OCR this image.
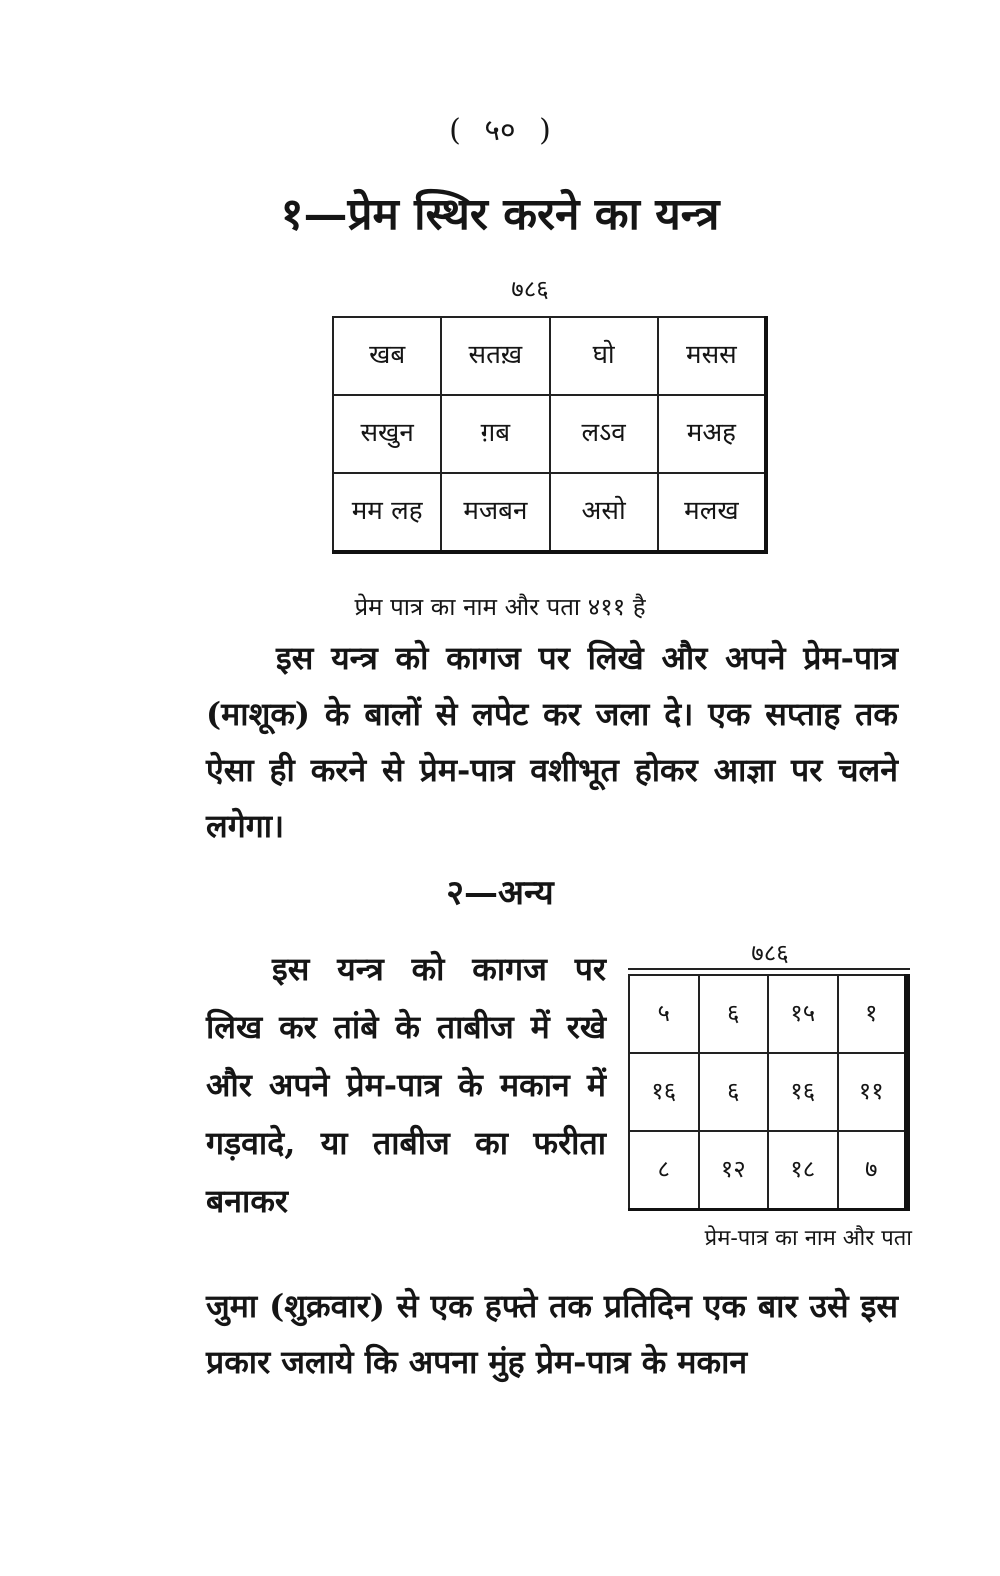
( ५० )
१—प्रेम स्थिर करने का यन्त्र
७८६
खब	सतख़	घो	मसस
सखुन	ग़ब	लऽव	मअह
मम लह	मजबन	असो	मलख
प्रेम पात्र का नाम और पता ४११ है
इस यन्त्र को कागज पर लिखे और अपने प्रेम-पात्र (माशूक) के बालों से लपेट कर जला दे। एक सप्ताह तक ऐसा ही करने से प्रेम-पात्र वशीभूत होकर आज्ञा पर चलने लगेगा।
२—अन्य
इस यन्त्र को कागज पर लिख कर तांबे के ताबीज में रखे और अपने प्रेम-पात्र के मकान में गड़वादे, या ताबीज का फरीता बनाकर
७८६
५	६	१५	१
१६	६	१६	११
८	१२	१८	७
प्रेम-पात्र का नाम और पता
जुमा (शुक्रवार) से एक हफ्ते तक प्रतिदिन एक बार उसे इस प्रकार जलाये कि अपना मुंह प्रेम-पात्र के मकान
